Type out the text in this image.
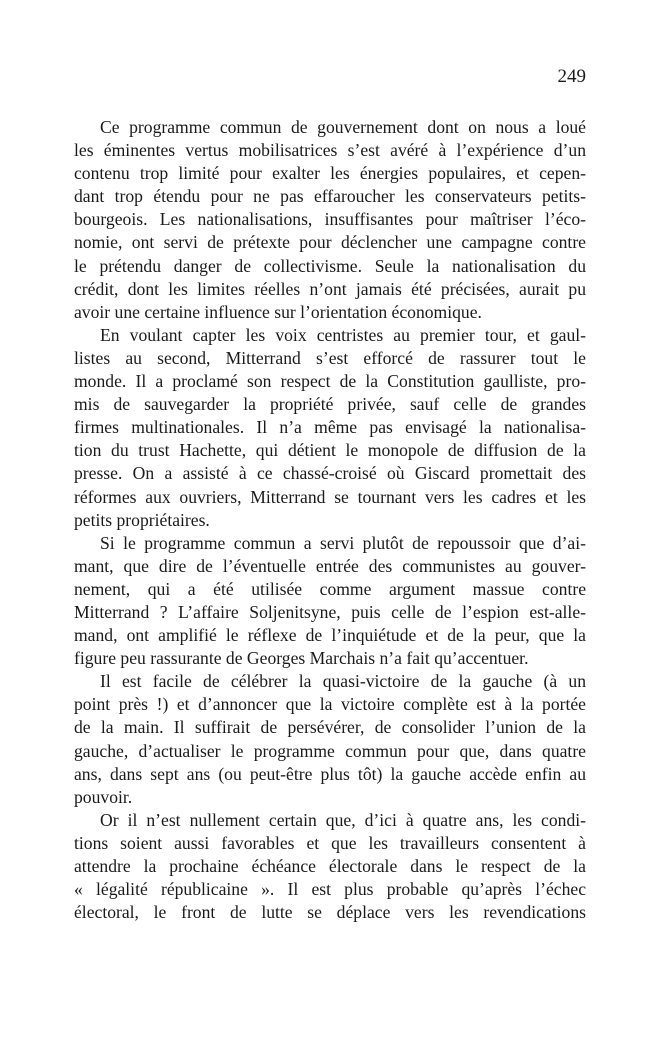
249
Ce programme commun de gouvernement dont on nous a loué
les éminentes vertus mobilisatrices s’est avéré à l’expérience d’un
contenu trop limité pour exalter les énergies populaires, et cepen-
dant trop étendu pour ne pas effaroucher les conservateurs petits-
bourgeois. Les nationalisations, insuffisantes pour maîtriser l’éco-
nomie, ont servi de prétexte pour déclencher une campagne contre
le prétendu danger de collectivisme. Seule la nationalisation du
crédit, dont les limites réelles n’ont jamais été précisées, aurait pu
avoir une certaine influence sur l’orientation économique.
En voulant capter les voix centristes au premier tour, et gaul-
listes au second, Mitterrand s’est efforcé de rassurer tout le
monde. Il a proclamé son respect de la Constitution gaulliste, pro-
mis de sauvegarder la propriété privée, sauf celle de grandes
firmes multinationales. Il n’a même pas envisagé la nationalisa-
tion du trust Hachette, qui détient le monopole de diffusion de la
presse. On a assisté à ce chassé-croisé où Giscard promettait des
réformes aux ouvriers, Mitterrand se tournant vers les cadres et les
petits propriétaires.
Si le programme commun a servi plutôt de repoussoir que d’ai-
mant, que dire de l’éventuelle entrée des communistes au gouver-
nement, qui a été utilisée comme argument massue contre
Mitterrand ? L’affaire Soljenitsyne, puis celle de l’espion est-alle-
mand, ont amplifié le réflexe de l’inquiétude et de la peur, que la
figure peu rassurante de Georges Marchais n’a fait qu’accentuer.
Il est facile de célébrer la quasi-victoire de la gauche (à un
point près !) et d’annoncer que la victoire complète est à la portée
de la main. Il suffirait de persévérer, de consolider l’union de la
gauche, d’actualiser le programme commun pour que, dans quatre
ans, dans sept ans (ou peut-être plus tôt) la gauche accède enfin au
pouvoir.
Or il n’est nullement certain que, d’ici à quatre ans, les condi-
tions soient aussi favorables et que les travailleurs consentent à
attendre la prochaine échéance électorale dans le respect de la
« légalité républicaine ». Il est plus probable qu’après l’échec
électoral, le front de lutte se déplace vers les revendications
